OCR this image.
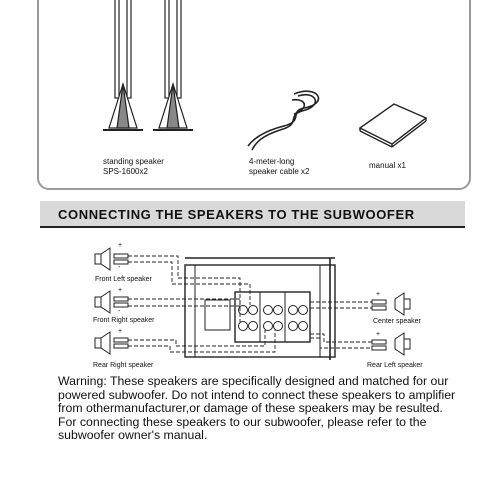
standing speaker
SPS-1600x2
4-meter-long
speaker cable x2
manual x1
CONNECTING THE SPEAKERS TO THE SUBWOOFER
+
-
+
-
+
+
+
Front Left speaker
Front Right speaker
Rear Right speaker
Center speaker
Rear Left speaker

Warning: These speakers are specifically designed and matched for our powered subwoofer. Do not intend to connect these speakers to amplifier from othermanufacturer,or damage of these speakers may be resulted.

For connecting these speakers to our subwoofer, please refer to the subwoofer owner's manual.
